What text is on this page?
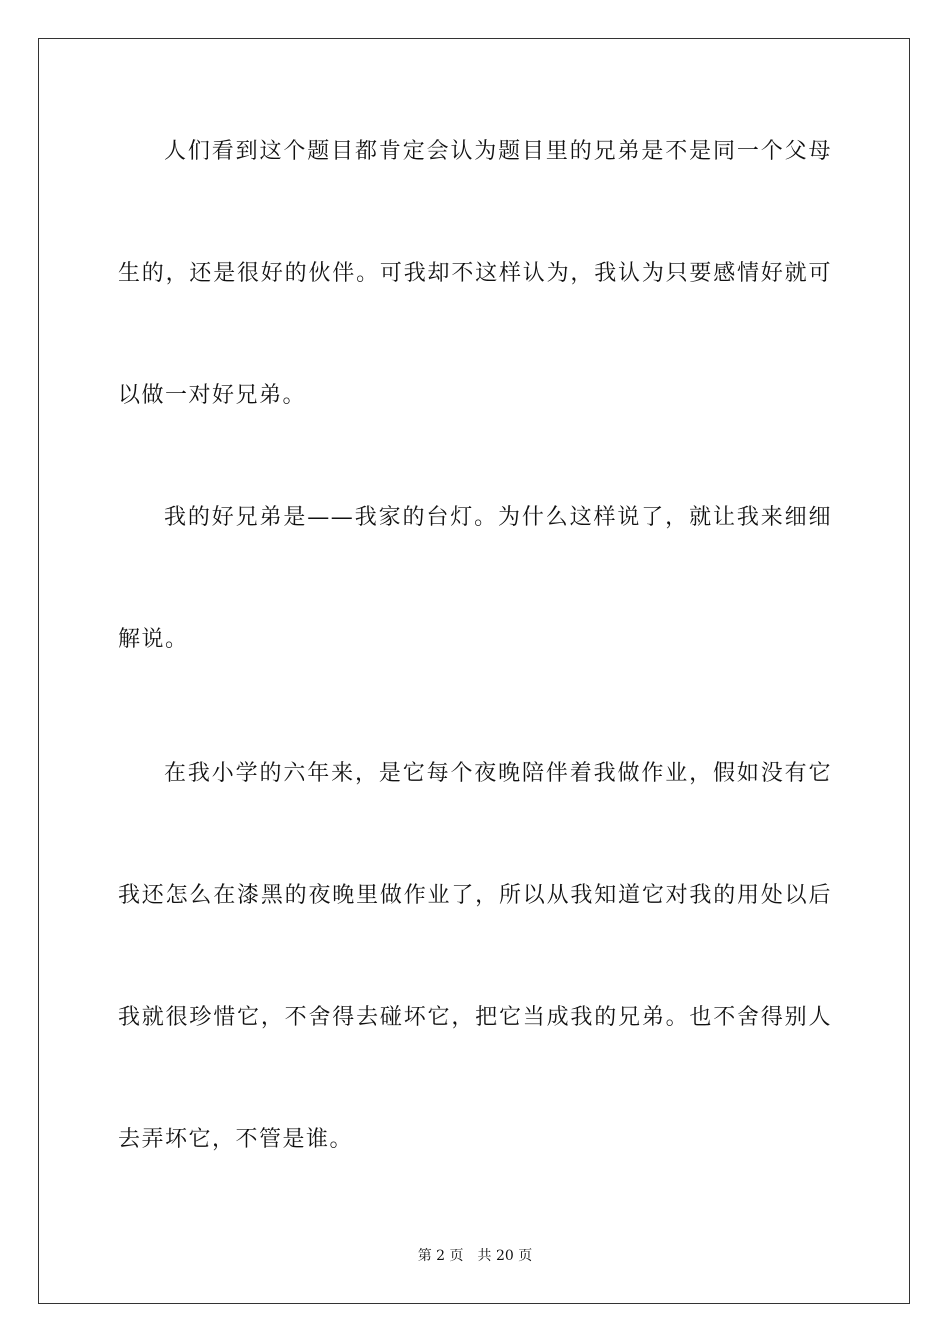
人们看到这个题目都肯定会认为题目里的兄弟是不是同一个父母
生的，还是很好的伙伴。可我却不这样认为，我认为只要感情好就可
以做一对好兄弟。
我的好兄弟是——我家的台灯。为什么这样说了，就让我来细细
解说。
在我小学的六年来，是它每个夜晚陪伴着我做作业，假如没有它
我还怎么在漆黑的夜晚里做作业了，所以从我知道它对我的用处以后
我就很珍惜它，不舍得去碰坏它，把它当成我的兄弟。也不舍得别人
去弄坏它，不管是谁。
第 2 页　共 20 页
